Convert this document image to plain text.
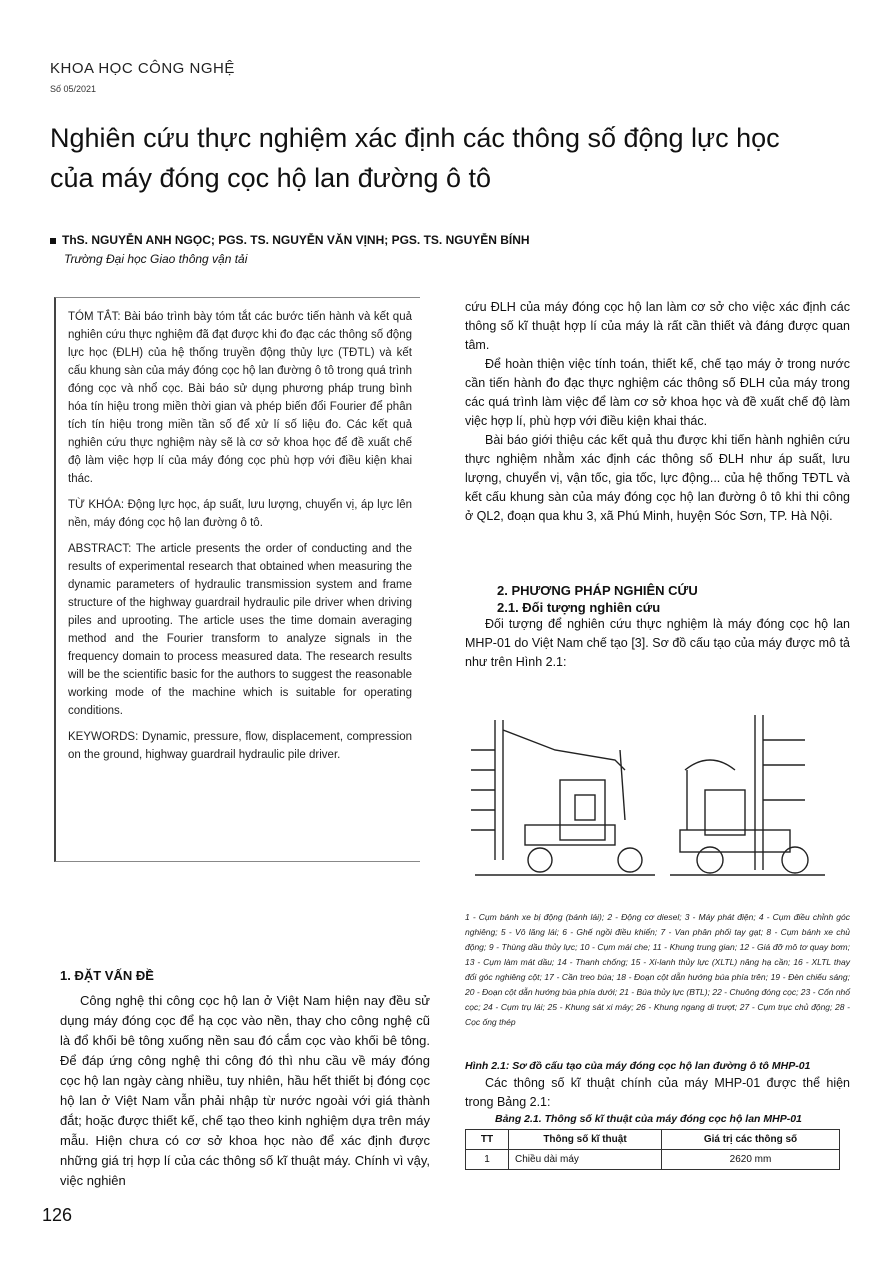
KHOA HỌC CÔNG NGHỆ
Số 05/2021
Nghiên cứu thực nghiệm xác định các thông số động lực học
của máy đóng cọc hộ lan đường ô tô
ThS. NGUYỄN ANH NGỌC; PGS. TS. NGUYỄN VĂN VỊNH; PGS. TS. NGUYỄN BÍNH
Trường Đại học Giao thông vận tải

TÓM TẮT: Bài báo trình bày tóm tắt các bước tiến hành và kết quả nghiên cứu thực nghiệm đã đạt được khi đo đạc các thông số động lực học (ĐLH) của hệ thống truyền động thủy lực (TĐTL) và kết cấu khung sàn của máy đóng cọc hộ lan đường ô tô trong quá trình đóng cọc và nhổ cọc. Bài báo sử dụng phương pháp trung bình hóa tín hiệu trong miền thời gian và phép biến đổi Fourier để phân tích tín hiệu trong miền tần số để xử lí số liệu đo. Các kết quả nghiên cứu thực nghiệm này sẽ là cơ sở khoa học để đề xuất chế độ làm việc hợp lí của máy đóng cọc phù hợp với điều kiện khai thác.

TỪ KHÓA: Động lực học, áp suất, lưu lượng, chuyển vị, áp lực lên nền, máy đóng cọc hộ lan đường ô tô.

ABSTRACT: The article presents the order of conducting and the results of experimental research that obtained when measuring the dynamic parameters of hydraulic transmission system and frame structure of the highway guardrail hydraulic pile driver when driving piles and uprooting. The article uses the time domain averaging method and the Fourier transform to analyze signals in the frequency domain to process measured data. The research results will be the scientific basic for the authors to suggest the reasonable working mode of the machine which is suitable for operating conditions.

KEYWORDS: Dynamic, pressure, flow, displacement, compression on the ground, highway guardrail hydraulic pile driver.

1. ĐẶT VẤN ĐỀ

Công nghệ thi công cọc hộ lan ở Việt Nam hiện nay đều sử dụng máy đóng cọc để hạ cọc vào nền, thay cho công nghệ cũ là đổ khối bê tông xuống nền sau đó cắm cọc vào khối bê tông. Để đáp ứng công nghệ thi công đó thì nhu cầu về máy đóng cọc hộ lan ngày càng nhiều, tuy nhiên, hầu hết thiết bị đóng cọc hộ lan ở Việt Nam vẫn phải nhập từ nước ngoài với giá thành đắt; hoặc được thiết kế, chế tạo theo kinh nghiệm dựa trên máy mẫu. Hiện chưa có cơ sở khoa học nào để xác định được những giá trị hợp lí của các thông số kĩ thuật máy. Chính vì vậy, việc nghiên

cứu ĐLH của máy đóng cọc hộ lan làm cơ sở cho việc xác định các thông số kĩ thuật hợp lí của máy là rất cần thiết và đáng được quan tâm.

Để hoàn thiện việc tính toán, thiết kế, chế tạo máy ở trong nước cần tiến hành đo đạc thực nghiệm các thông số ĐLH của máy trong các quá trình làm việc để làm cơ sở khoa học và đề xuất chế độ làm việc hợp lí, phù hợp với điều kiện khai thác.

Bài báo giới thiệu các kết quả thu được khi tiến hành nghiên cứu thực nghiệm nhằm xác định các thông số ĐLH như áp suất, lưu lượng, chuyển vị, vận tốc, gia tốc, lực động... của hệ thống TĐTL và kết cấu khung sàn của máy đóng cọc hộ lan đường ô tô khi thi công ở QL2, đoạn qua khu 3, xã Phú Minh, huyện Sóc Sơn, TP. Hà Nội.

2. PHƯƠNG PHÁP NGHIÊN CỨU
2.1. Đối tượng nghiên cứu

Đối tượng để nghiên cứu thực nghiệm là máy đóng cọc hộ lan MHP-01 do Việt Nam chế tạo [3]. Sơ đồ cấu tạo của máy được mô tả như trên Hình 2.1:

1 - Cụm bánh xe bị động (bánh lái); 2 - Động cơ diesel; 3 - Máy phát điện; 4 - Cụm điều chỉnh góc nghiêng; 5 - Vô lăng lái; 6 - Ghế ngồi điều khiển; 7 - Van phân phối tay gạt; 8 - Cụm bánh xe chủ động; 9 - Thùng dầu thủy lực; 10 - Cụm mái che; 11 - Khung trung gian; 12 - Giá đỡ mô tơ quay bơm; 13 - Cụm làm mát dầu; 14 - Thanh chống; 15 - Xi-lanh thủy lực (XLTL) nâng hạ cần; 16 - XLTL thay đổi góc nghiêng cột; 17 - Cần treo búa; 18 - Đoạn cột dẫn hướng búa phía trên; 19 - Đèn chiếu sáng; 20 - Đoạn cột dẫn hướng búa phía dưới; 21 - Búa thủy lực (BTL); 22 - Chuông đóng cọc; 23 - Cốn nhổ cọc; 24 - Cụm trụ lái; 25 - Khung sát xi máy; 26 - Khung ngang di trượt; 27 - Cụm trục chủ động; 28 - Cọc ống thép
Hình 2.1: Sơ đồ cấu tạo của máy đóng cọc hộ lan đường ô tô MHP-01

Các thông số kĩ thuật chính của máy MHP-01 được thể hiện trong Bảng 2.1:

Bảng 2.1. Thông số kĩ thuật của máy đóng cọc hộ lan MHP-01
TT	Thông số kĩ thuật	Giá trị các thông số
1	Chiều dài máy	2620 mm
126
